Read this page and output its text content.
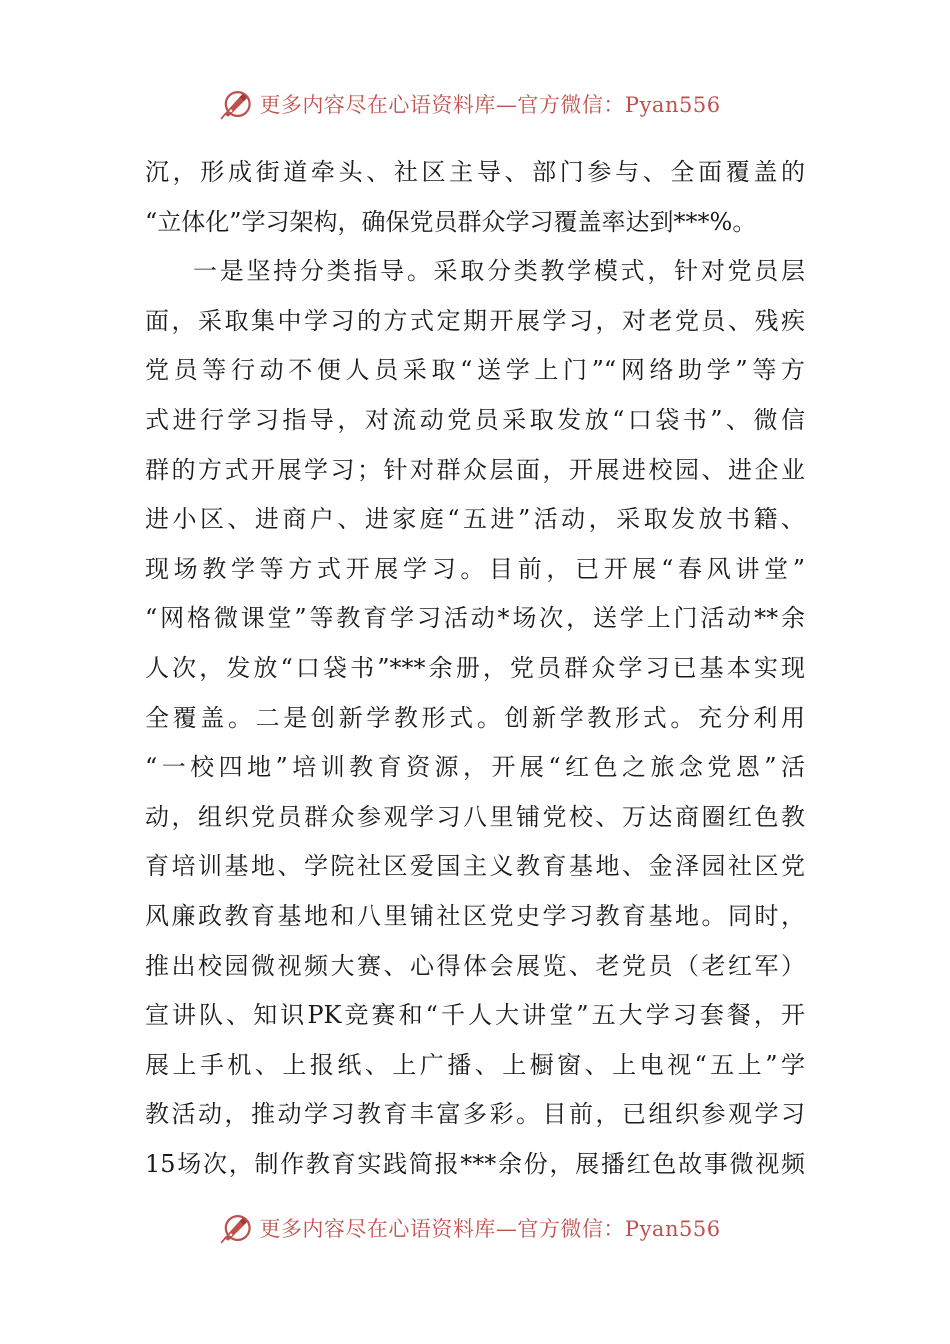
更多内容尽在心语资料库—官方微信：Pyan556
沉，形成街道牵头、社区主导、部门参与、全面覆盖的
“立体化”学习架构，确保党员群众学习覆盖率达到***%。
一是坚持分类指导。采取分类教学模式，针对党员层
面，采取集中学习的方式定期开展学习，对老党员、残疾
党员等行动不便人员采取“送学上门”“网络助学”等方
式进行学习指导，对流动党员采取发放“口袋书”、微信
群的方式开展学习；针对群众层面，开展进校园、进企业
进小区、进商户、进家庭“五进”活动，采取发放书籍、
现场教学等方式开展学习。目前，已开展“春风讲堂”
“网格微课堂”等教育学习活动*场次，送学上门活动**余
人次，发放“口袋书”***余册，党员群众学习已基本实现
全覆盖。二是创新学教形式。创新学教形式。充分利用
“一校四地”培训教育资源，开展“红色之旅念党恩”活
动，组织党员群众参观学习八里铺党校、万达商圈红色教
育培训基地、学院社区爱国主义教育基地、金泽园社区党
风廉政教育基地和八里铺社区党史学习教育基地。同时，
推出校园微视频大赛、心得体会展览、老党员（老红军）
宣讲队、知识PK竞赛和“千人大讲堂”五大学习套餐，开
展上手机、上报纸、上广播、上橱窗、上电视“五上”学
教活动，推动学习教育丰富多彩。目前，已组织参观学习
15场次，制作教育实践简报***余份，展播红色故事微视频
更多内容尽在心语资料库—官方微信：Pyan556
